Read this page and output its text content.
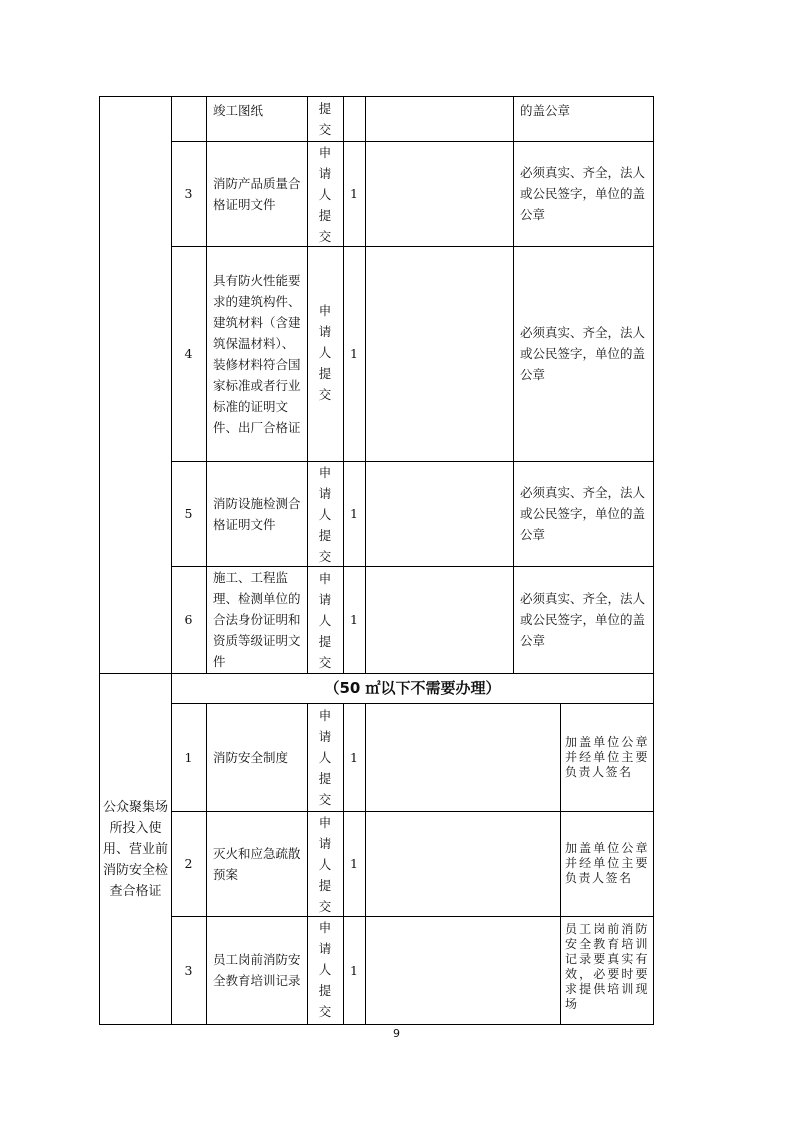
竣工图纸	提
交
的盖公章
3
消防产品质量合格证明文件
申
请
人
提
交
1
必须真实、齐全，法人或公民签字，单位的盖公章
4
具有防火性能要求的建筑构件、建筑材料（含建筑保温材料）、装修材料符合国家标准或者行业标准的证明文件、出厂合格证
申
请
人
提
交
1
必须真实、齐全，法人或公民签字，单位的盖公章
5
消防设施检测合格证明文件
申
请
人
提
交
1
必须真实、齐全，法人或公民签字，单位的盖公章
6
施工、工程监理、检测单位的合法身份证明和资质等级证明文件
申
请
人
提
交
1
必须真实、齐全，法人或公民签字，单位的盖公章
公众聚集场所投入使用、营业前消防安全检查合格证
（50 ㎡以下不需要办理）
1	消防安全制度
申
请
人
提
交
1
加盖单位公章并经单位主要负责人签名
2
灭火和应急疏散预案
申
请
人
提
交
1
加盖单位公章并经单位主要负责人签名
3
员工岗前消防安全教育培训记录
申
请
人
提
交
1
员工岗前消防安全教育培训记录要真实有效，必要时要求提供培训现场
9
